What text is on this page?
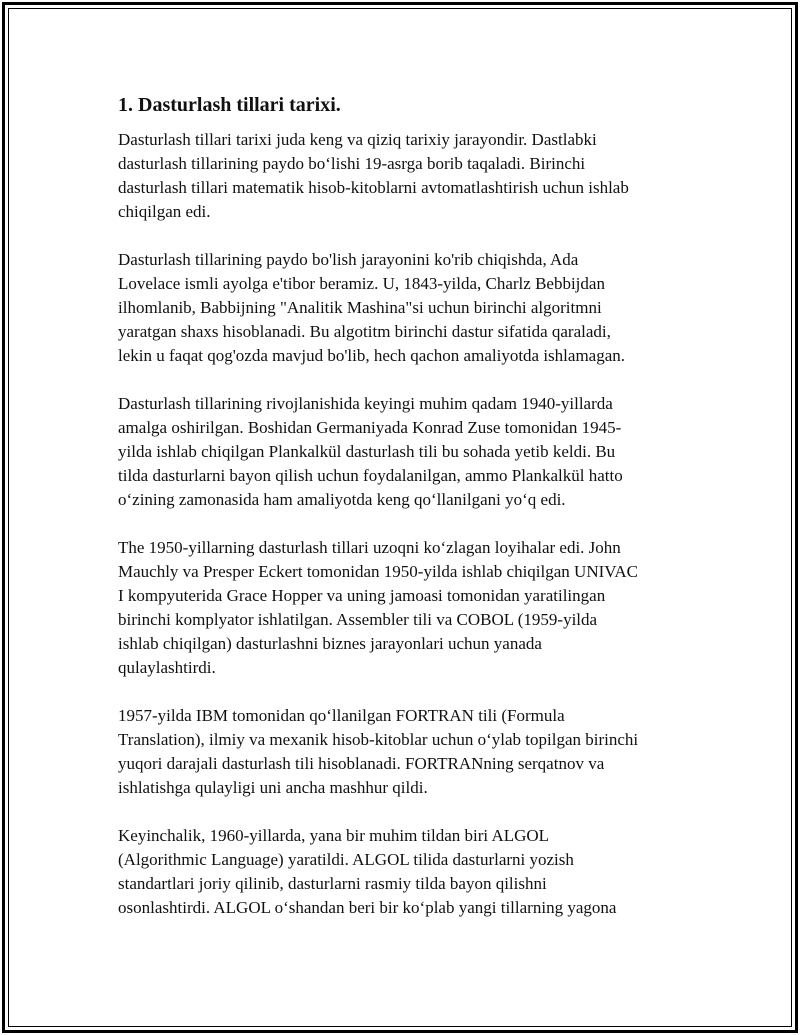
1. Dasturlash tillari tarixi.

Dasturlash tillari tarixi juda keng va qiziq tarixiy jarayondir. Dastlabki
dasturlash tillarining paydo bo‘lishi 19-asrga borib taqaladi. Birinchi
dasturlash tillari matematik hisob-kitoblarni avtomatlashtirish uchun ishlab
chiqilgan edi.

Dasturlash tillarining paydo bo'lish jarayonini ko'rib chiqishda, Ada
Lovelace ismli ayolga e'tibor beramiz. U, 1843-yilda, Charlz Bebbijdan
ilhomlanib, Babbijning "Analitik Mashina"si uchun birinchi algoritmni
yaratgan shaxs hisoblanadi. Bu algotitm birinchi dastur sifatida qaraladi,
lekin u faqat qog'ozda mavjud bo'lib, hech qachon amaliyotda ishlamagan.

Dasturlash tillarining rivojlanishida keyingi muhim qadam 1940-yillarda
amalga oshirilgan. Boshidan Germaniyada Konrad Zuse tomonidan 1945-
yilda ishlab chiqilgan Plankalkül dasturlash tili bu sohada yetib keldi. Bu
tilda dasturlarni bayon qilish uchun foydalanilgan, ammo Plankalkül hatto
o‘zining zamonasida ham amaliyotda keng qo‘llanilgani yo‘q edi.

The 1950-yillarning dasturlash tillari uzoqni ko‘zlagan loyihalar edi. John
Mauchly va Presper Eckert tomonidan 1950-yilda ishlab chiqilgan UNIVAC
I kompyuterida Grace Hopper va uning jamoasi tomonidan yaratilingan
birinchi komplyator ishlatilgan. Assembler tili va COBOL (1959-yilda
ishlab chiqilgan) dasturlashni biznes jarayonlari uchun yanada
qulaylashtirdi.

1957-yilda IBM tomonidan qo‘llanilgan FORTRAN tili (Formula
Translation), ilmiy va mexanik hisob-kitoblar uchun o‘ylab topilgan birinchi
yuqori darajali dasturlash tili hisoblanadi. FORTRANning serqatnov va
ishlatishga qulayligi uni ancha mashhur qildi.

Keyinchalik, 1960-yillarda, yana bir muhim tildan biri ALGOL
(Algorithmic Language) yaratildi. ALGOL tilida dasturlarni yozish
standartlari joriy qilinib, dasturlarni rasmiy tilda bayon qilishni
osonlashtirdi. ALGOL o‘shandan beri bir ko‘plab yangi tillarning yagona
